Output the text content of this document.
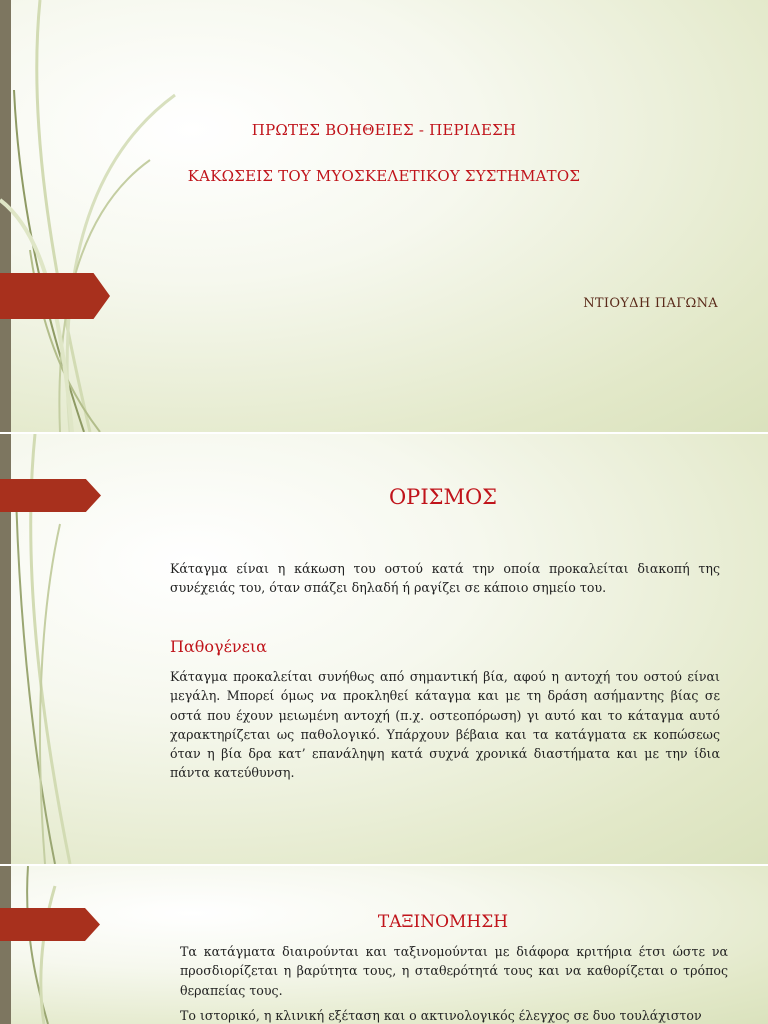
ΠΡΩΤΕΣ ΒΟΗΘΕΙΕΣ - ΠΕΡΙΔΕΣΗ
ΚΑΚΩΣΕΙΣ ΤΟΥ ΜΥΟΣΚΕΛΕΤΙΚΟΥ ΣΥΣΤΗΜΑΤΟΣ
ΝΤΙΟΥΔΗ ΠΑΓΩΝΑ
ΟΡΙΣΜΟΣ
Κάταγμα είναι η κάκωση του οστού κατά την οποία προκαλείται διακοπή της συνέχειάς του, όταν σπάζει δηλαδή ή ραγίζει σε κάποιο σημείο του.
Παθογένεια
Κάταγμα προκαλείται συνήθως από σημαντική βία, αφού η αντοχή του οστού είναι μεγάλη. Μπορεί όμως να προκληθεί κάταγμα και με τη δράση ασήμαντης βίας σε οστά που έχουν μειωμένη αντοχή (π.χ. οστεοπόρωση) γι αυτό και το κάταγμα αυτό χαρακτηρίζεται ως παθολογικό. Υπάρχουν βέβαια και τα κατάγματα εκ κοπώσεως όταν η βία δρα κατ’ επανάληψη κατά συχνά χρονικά διαστήματα και με την ίδια πάντα κατεύθυνση.
ΤΑΞΙΝΟΜΗΣΗ
Τα κατάγματα διαιρούνται και ταξινομούνται με διάφορα κριτήρια έτσι ώστε να προσδιορίζεται η βαρύτητα τους, η σταθερότητά τους και να καθορίζεται ο τρόπος θεραπείας τους.
Το ιστορικό, η κλινική εξέταση και ο ακτινολογικός έλεγχος σε δυο τουλάχιστον
